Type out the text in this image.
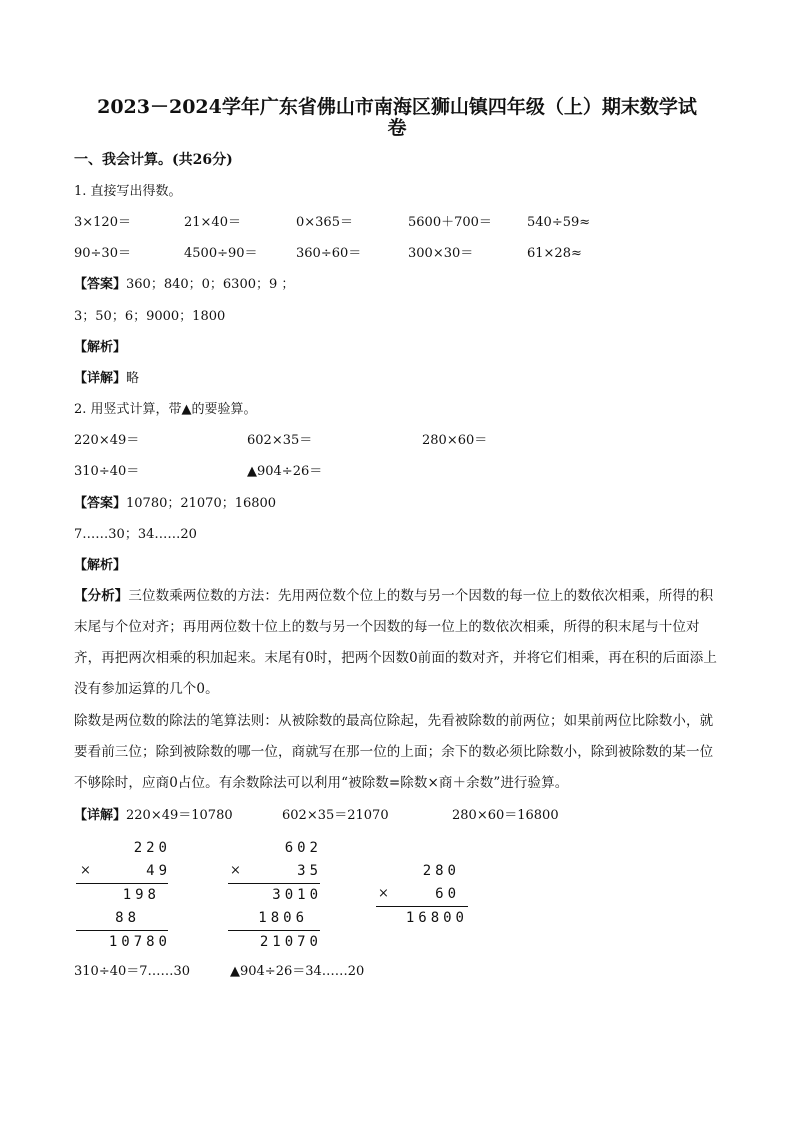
2023－2024学年广东省佛山市南海区狮山镇四年级（上）期末数学试
卷
一、我会计算。(共26分)
1. 直接写出得数。
3×120＝	21×40＝	0×365＝	5600＋700＝	540÷59≈
90÷30＝	4500÷90＝	360÷60＝	300×30＝	61×28≈
【答案】360；840；0；6300；9 ；
3；50；6；9000；1800
【解析】
【详解】略
2. 用竖式计算，带▲的要验算。
220×49＝	602×35＝	280×60＝
310÷40＝	▲904÷26＝
【答案】10780；21070；16800
7……30；34……20
【解析】
【分析】三位数乘两位数的方法：先用两位数个位上的数与另一个因数的每一位上的数依次相乘，所得的积末尾与个位对齐；再用两位数十位上的数与另一个因数的每一位上的数依次相乘，所得的积末尾与十位对齐，再把两次相乘的积加起来。末尾有0时，把两个因数0前面的数对齐，并将它们相乘，再在积的后面添上没有参加运算的几个0。
除数是两位数的除法的笔算法则：从被除数的最高位除起，先看被除数的前两位；如果前两位比除数小，就要看前三位；除到被除数的哪一位，商就写在那一位的上面；余下的数必须比除数小，除到被除数的某一位不够除时，应商0占位。有余数除法可以利用“被除数=除数×商＋余数”进行验算。
【详解】220×49＝10780	602×35＝21070	280×60＝16800
220
×	49
198
88
10780
602
×	35
3010
1806
21070
280
×	60
16800
310÷40＝7……30	▲904÷26＝34……20
